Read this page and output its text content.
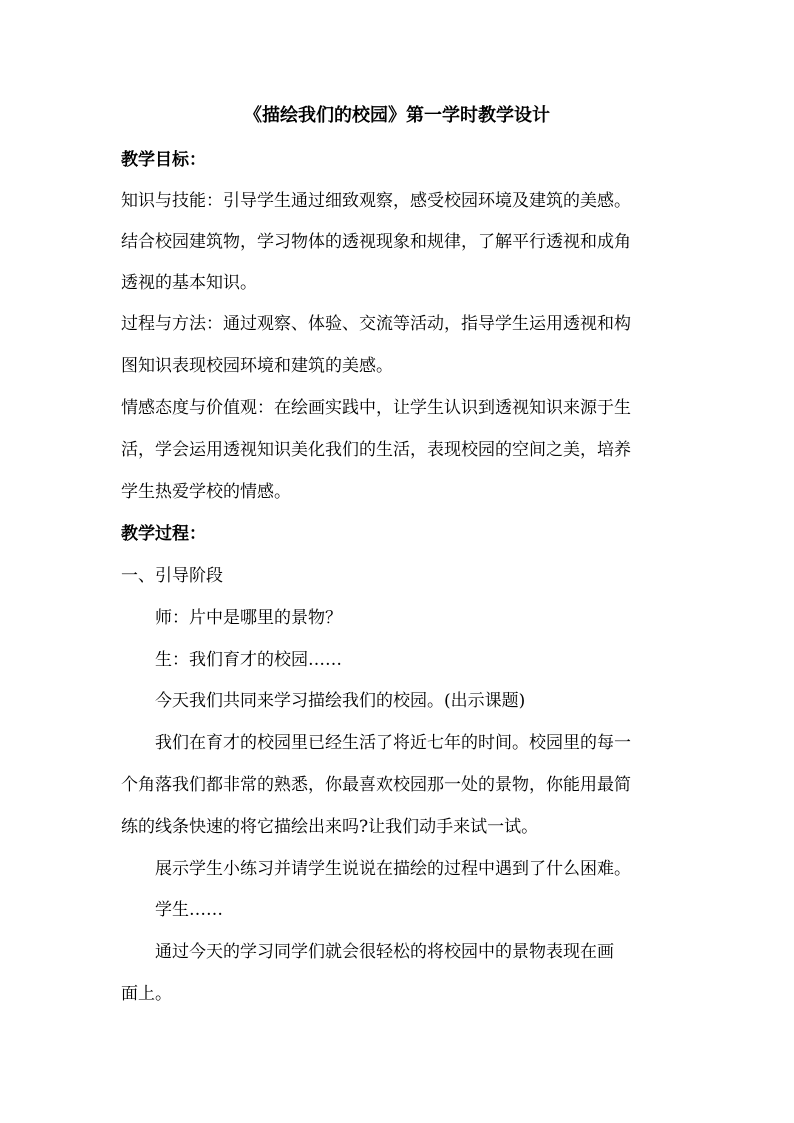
《描绘我们的校园》第一学时教学设计
教学目标：
知识与技能：引导学生通过细致观察，感受校园环境及建筑的美感。
结合校园建筑物，学习物体的透视现象和规律，了解平行透视和成角
透视的基本知识。
过程与方法：通过观察、体验、交流等活动，指导学生运用透视和构
图知识表现校园环境和建筑的美感。
情感态度与价值观：在绘画实践中，让学生认识到透视知识来源于生
活，学会运用透视知识美化我们的生活，表现校园的空间之美，培养
学生热爱学校的情感。
教学过程：
一、引导阶段
师：片中是哪里的景物？
生：我们育才的校园……
今天我们共同来学习描绘我们的校园。(出示课题)
我们在育才的校园里已经生活了将近七年的时间。校园里的每一
个角落我们都非常的熟悉，你最喜欢校园那一处的景物，你能用最简
练的线条快速的将它描绘出来吗?让我们动手来试一试。
展示学生小练习并请学生说说在描绘的过程中遇到了什么困难。
学生……
通过今天的学习同学们就会很轻松的将校园中的景物表现在画
面上。
